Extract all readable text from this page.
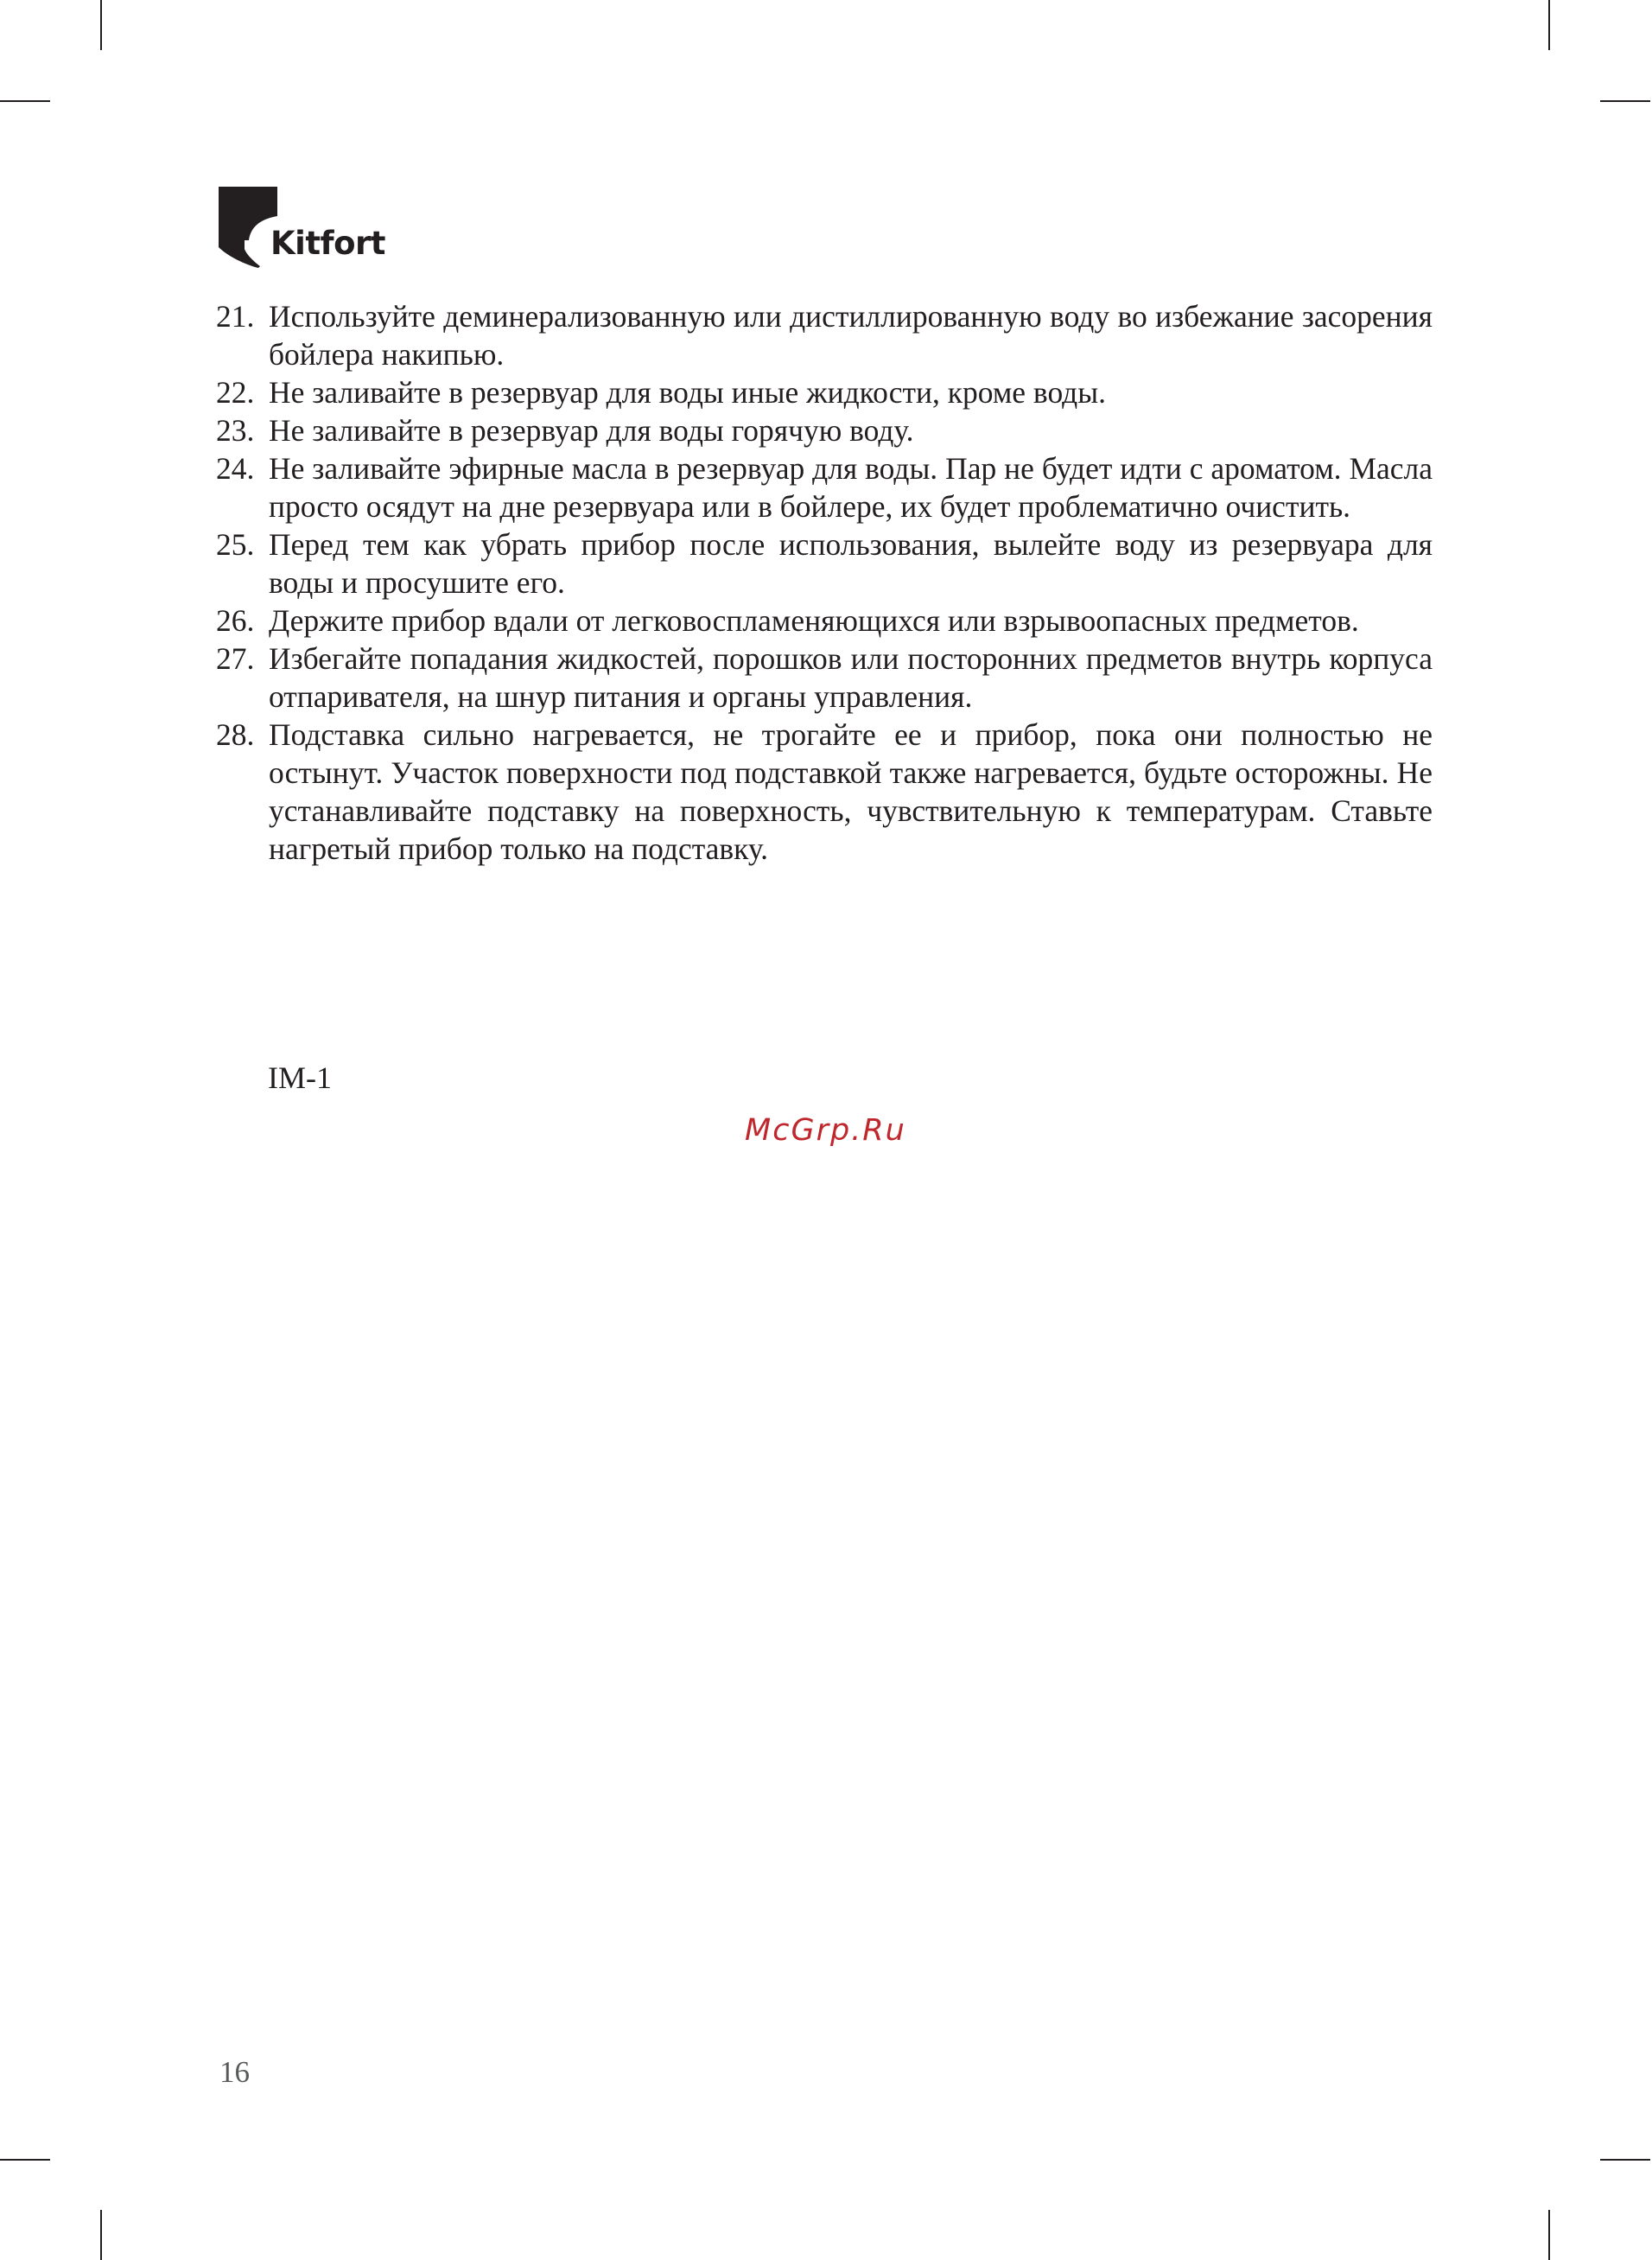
Kitfort
21. Используйте деминерализованную или дистиллированную воду во избежание засорения бойлера накипью.
22. Не заливайте в резервуар для воды иные жидкости, кроме воды.
23. Не заливайте в резервуар для воды горячую воду.
24. Не заливайте эфирные масла в резервуар для воды. Пар не будет идти с ароматом. Масла просто осядут на дне резервуара или в бойлере, их будет проблематично очистить.
25. Перед тем как убрать прибор после использования, вылейте воду из резервуара для воды и просушите его.
26. Держите прибор вдали от легковоспламеняющихся или взрывоопасных предметов.
27. Избегайте попадания жидкостей, порошков или посторонних предметов внутрь корпуса отпаривателя, на шнур питания и органы управления.
28. Подставка сильно нагревается, не трогайте ее и прибор, пока они полностью не остынут. Участок поверхности под подставкой также нагревается, будьте осторожны. Не устанавливайте подставку на поверхность, чувствительную к температурам. Ставьте нагретый прибор только на подставку.
IM-1
McGrp.Ru
16
